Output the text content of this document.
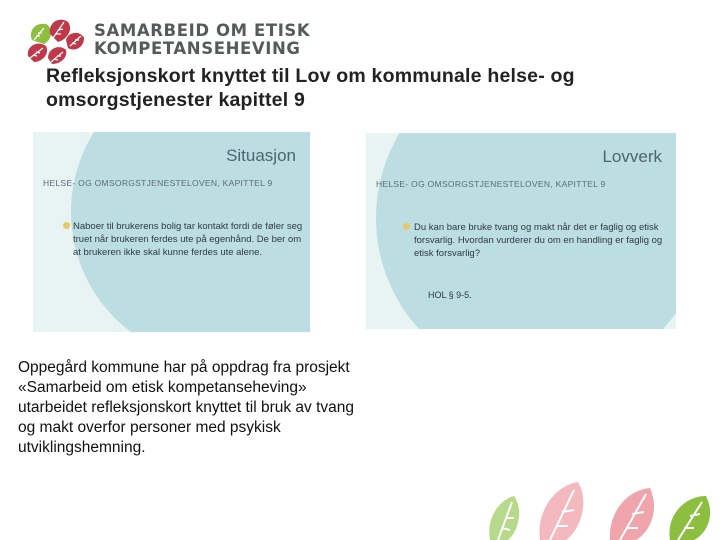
SAMARBEID OM ETISK
KOMPETANSEHEVING
Refleksjonskort knyttet til Lov om kommunale helse- og omsorgstjenester kapittel 9
Situasjon
HELSE- OG OMSORGSTJENESTELOVEN, KAPITTEL 9
Naboer til brukerens bolig tar kontakt fordi de føler seg truet når brukeren ferdes ute på egenhånd. De ber om at brukeren ikke skal kunne ferdes ute alene.
Lovverk
HELSE- OG OMSORGSTJENESTELOVEN, KAPITTEL 9
Du kan bare bruke tvang og makt når det er faglig og etisk forsvarlig. Hvordan vurderer du om en handling er faglig og etisk forsvarlig?
HOL § 9-5.
Oppegård kommune har på oppdrag fra prosjekt «Samarbeid om etisk kompetanseheving» utarbeidet refleksjonskort knyttet til bruk av tvang og makt overfor personer med psykisk utviklingshemning.
